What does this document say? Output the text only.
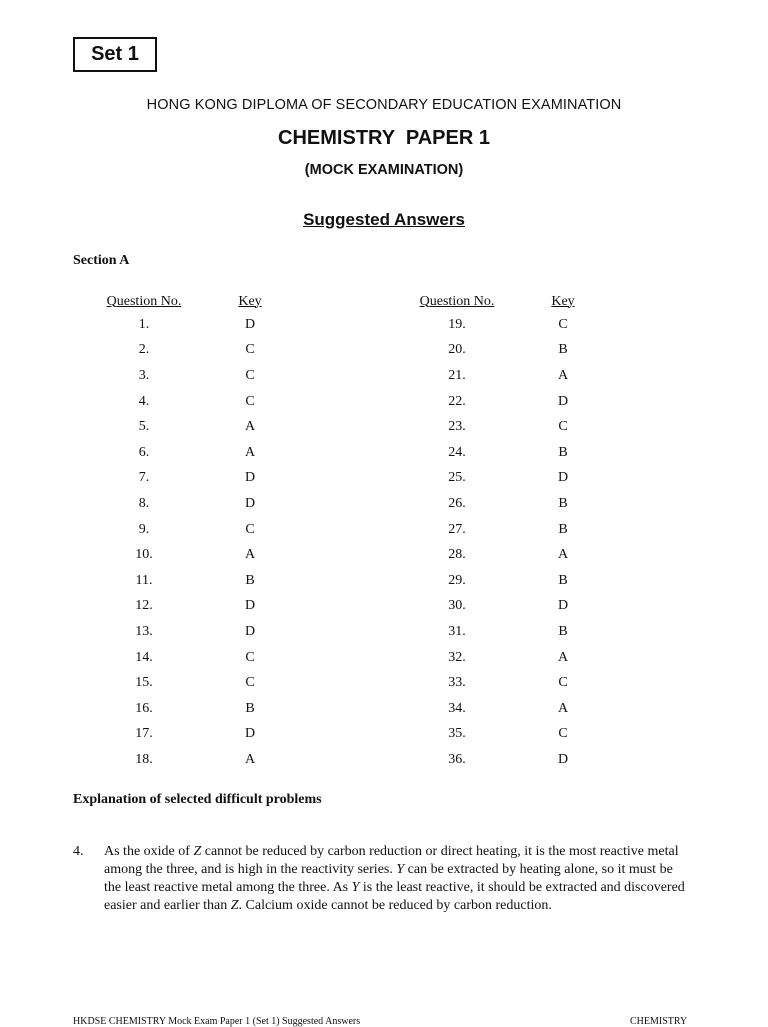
Set 1
HONG KONG DIPLOMA OF SECONDARY EDUCATION EXAMINATION
CHEMISTRY  PAPER 1
(MOCK EXAMINATION)
Suggested Answers
Section A
Question No.	Key
1.	D
2.	C
3.	C
4.	C
5.	A
6.	A
7.	D
8.	D
9.	C
10.	A
11.	B
12.	D
13.	D
14.	C
15.	C
16.	B
17.	D
18.	A
Question No.	Key
19.	C
20.	B
21.	A
22.	D
23.	C
24.	B
25.	D
26.	B
27.	B
28.	A
29.	B
30.	D
31.	B
32.	A
33.	C
34.	A
35.	C
36.	D
Explanation of selected difficult problems
4. As the oxide of Z cannot be reduced by carbon reduction or direct heating, it is the most reactive metal among the three, and is high in the reactivity series. Y can be extracted by heating alone, so it must be the least reactive metal among the three. As Y is the least reactive, it should be extracted and discovered easier and earlier than Z. Calcium oxide cannot be reduced by carbon reduction.
HKDSE CHEMISTRY Mock Exam Paper 1 (Set 1) Suggested Answers	CHEMISTRY
